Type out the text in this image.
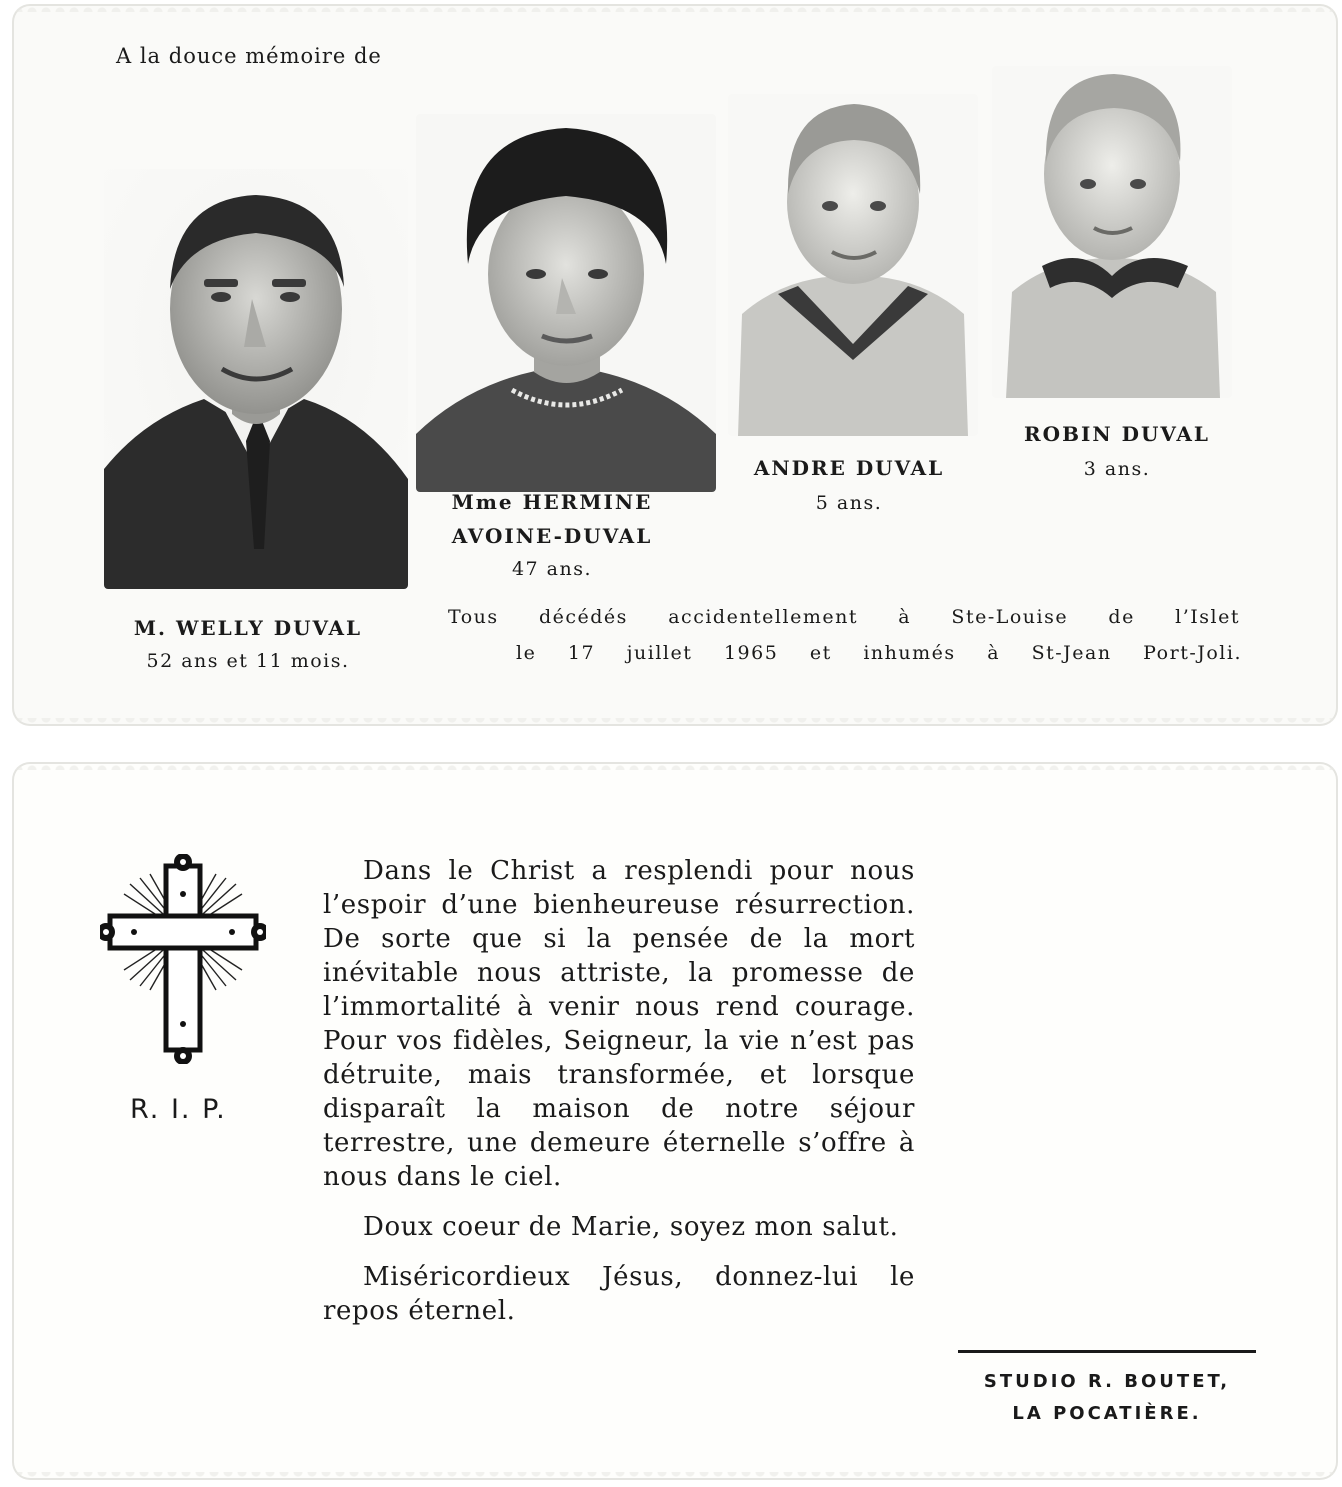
A la douce mémoire de
M. WELLY DUVAL
52 ans et 11 mois.
Mme HERMINE
AVOINE-DUVAL
47 ans.
ANDRE DUVAL
5 ans.
ROBIN DUVAL
3 ans.
Tous décédés accidentellement à Ste-Louise de l’Islet
le 17 juillet 1965 et inhumés à St-Jean Port-Joli.
R. I. P.

Dans le Christ a resplendi pour nous l’espoir d’une bienheureuse résurrection. De sorte que si la pensée de la mort inévitable nous attriste, la promesse de l’immortalité à venir nous rend courage. Pour vos fidèles, Seigneur, la vie n’est pas détruite, mais transformée, et lorsque disparaît la maison de notre séjour terrestre, une demeure éternelle s’offre à nous dans le ciel.

Doux coeur de Marie, soyez mon salut.

Miséricordieux Jésus, donnez-lui le repos éternel.

STUDIO R. BOUTET,
LA POCATIÈRE.
